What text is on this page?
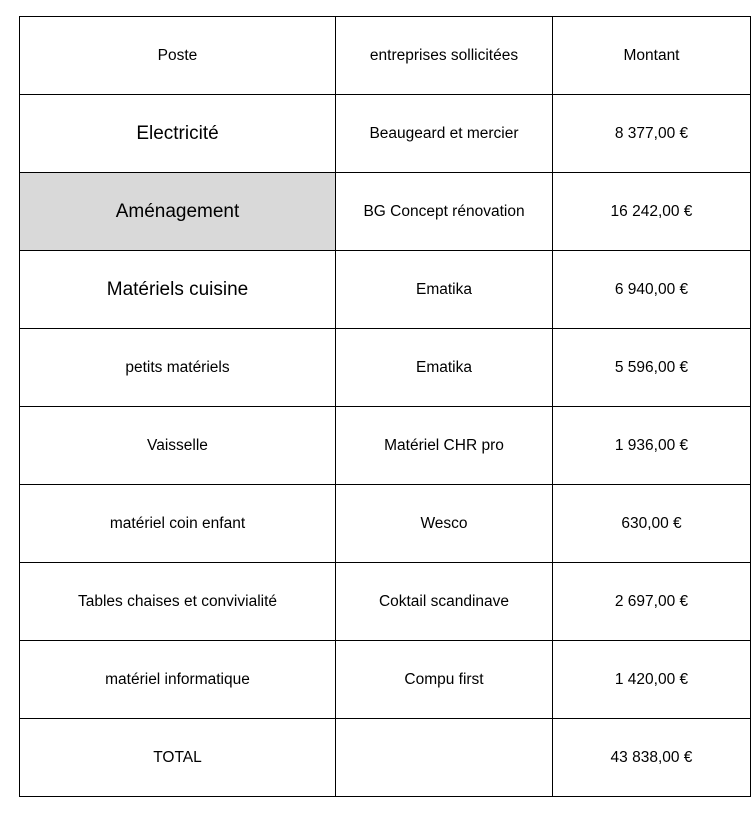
Poste	entreprises sollicitées	Montant
Electricité	Beaugeard et mercier	8 377,00 €
Aménagement	BG Concept rénovation	16 242,00 €
Matériels cuisine	Ematika	6 940,00 €
petits matériels	Ematika	5 596,00 €
Vaisselle	Matériel CHR pro	1 936,00 €
matériel coin enfant	Wesco	630,00 €
Tables chaises et convivialité	Coktail scandinave	2 697,00 €
matériel informatique	Compu first	1 420,00 €
TOTAL		43 838,00 €
